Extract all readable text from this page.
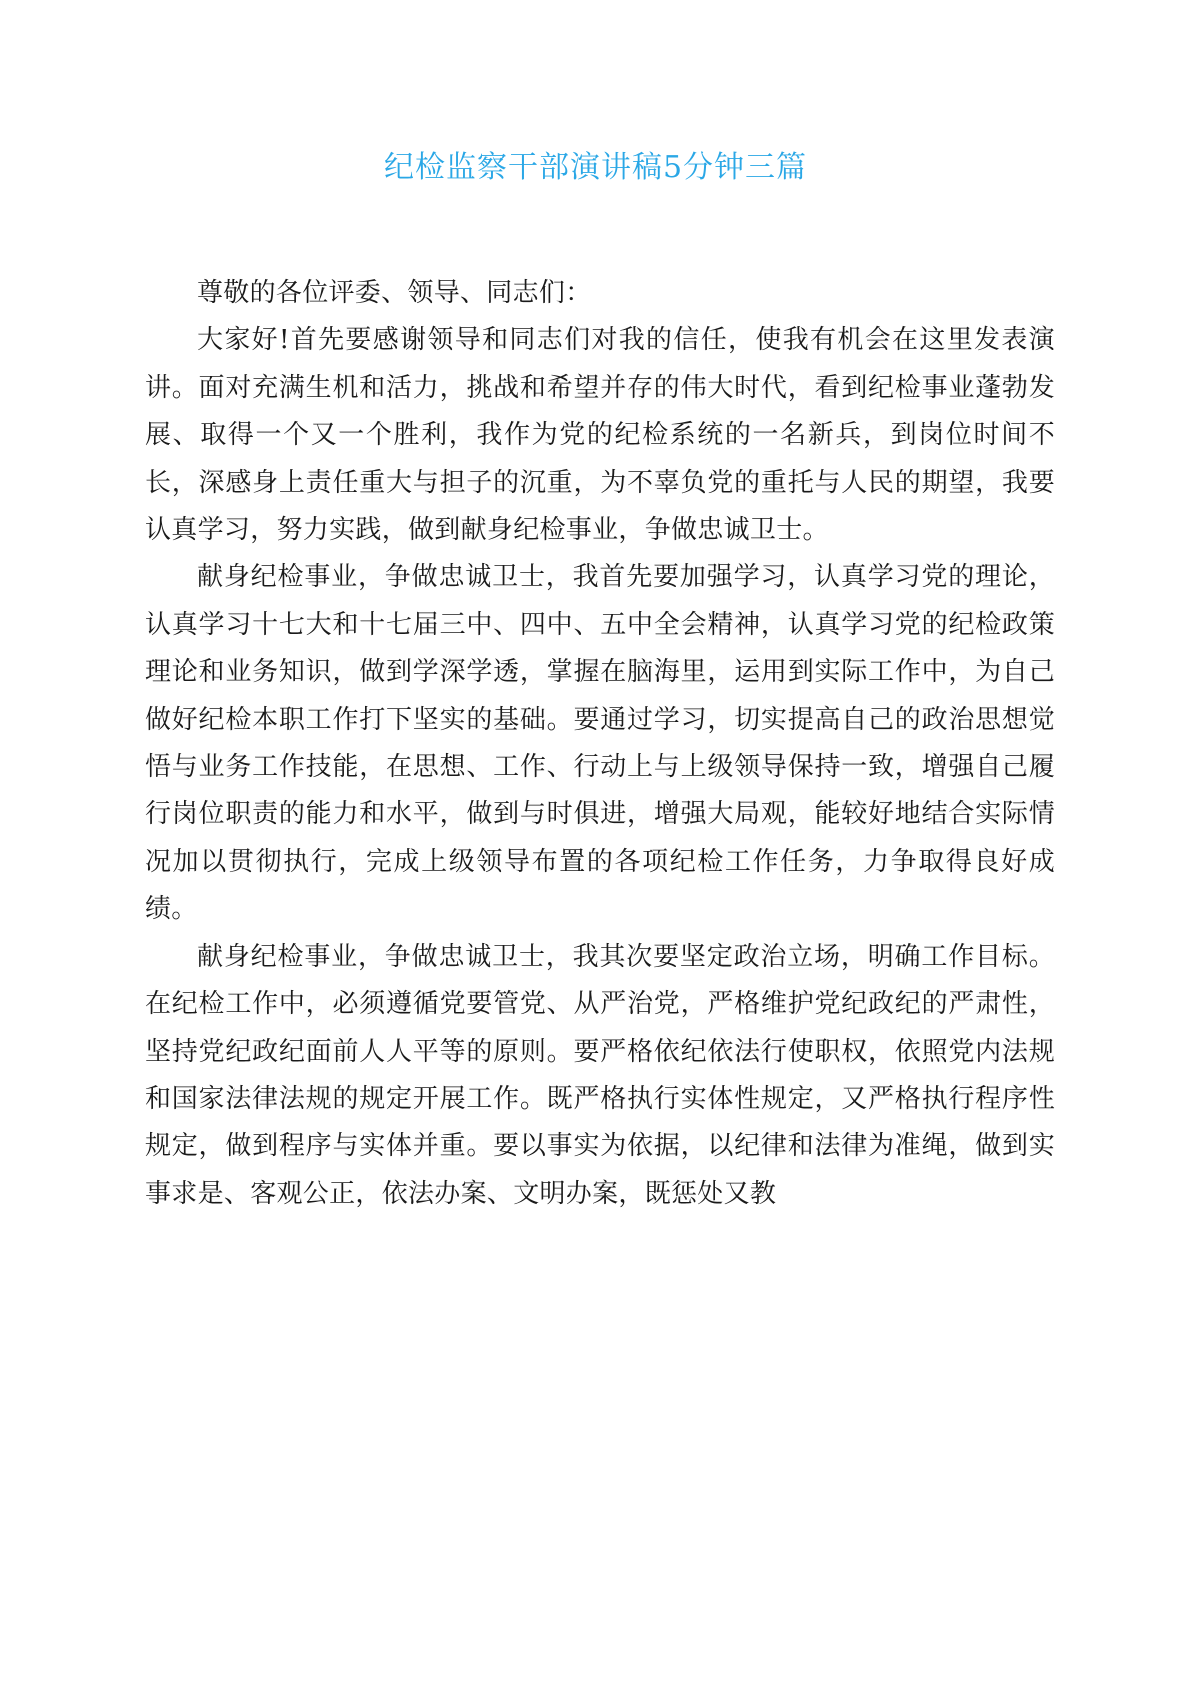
纪检监察干部演讲稿5分钟三篇

尊敬的各位评委、领导、同志们：

大家好!首先要感谢领导和同志们对我的信任，使我有机会在这里发表演讲。面对充满生机和活力，挑战和希望并存的伟大时代，看到纪检事业蓬勃发展、取得一个又一个胜利，我作为党的纪检系统的一名新兵，到岗位时间不长，深感身上责任重大与担子的沉重，为不辜负党的重托与人民的期望，我要认真学习，努力实践，做到献身纪检事业，争做忠诚卫士。

献身纪检事业，争做忠诚卫士，我首先要加强学习，认真学习党的理论，认真学习十七大和十七届三中、四中、五中全会精神，认真学习党的纪检政策理论和业务知识，做到学深学透，掌握在脑海里，运用到实际工作中，为自己做好纪检本职工作打下坚实的基础。要通过学习，切实提高自己的政治思想觉悟与业务工作技能，在思想、工作、行动上与上级领导保持一致，增强自己履行岗位职责的能力和水平，做到与时俱进，增强大局观，能较好地结合实际情况加以贯彻执行，完成上级领导布置的各项纪检工作任务，力争取得良好成绩。

献身纪检事业，争做忠诚卫士，我其次要坚定政治立场，明确工作目标。在纪检工作中，必须遵循党要管党、从严治党，严格维护党纪政纪的严肃性，坚持党纪政纪面前人人平等的原则。要严格依纪依法行使职权，依照党内法规和国家法律法规的规定开展工作。既严格执行实体性规定，又严格执行程序性规定，做到程序与实体并重。要以事实为依据，以纪律和法律为准绳，做到实事求是、客观公正，依法办案、文明办案，既惩处又教
